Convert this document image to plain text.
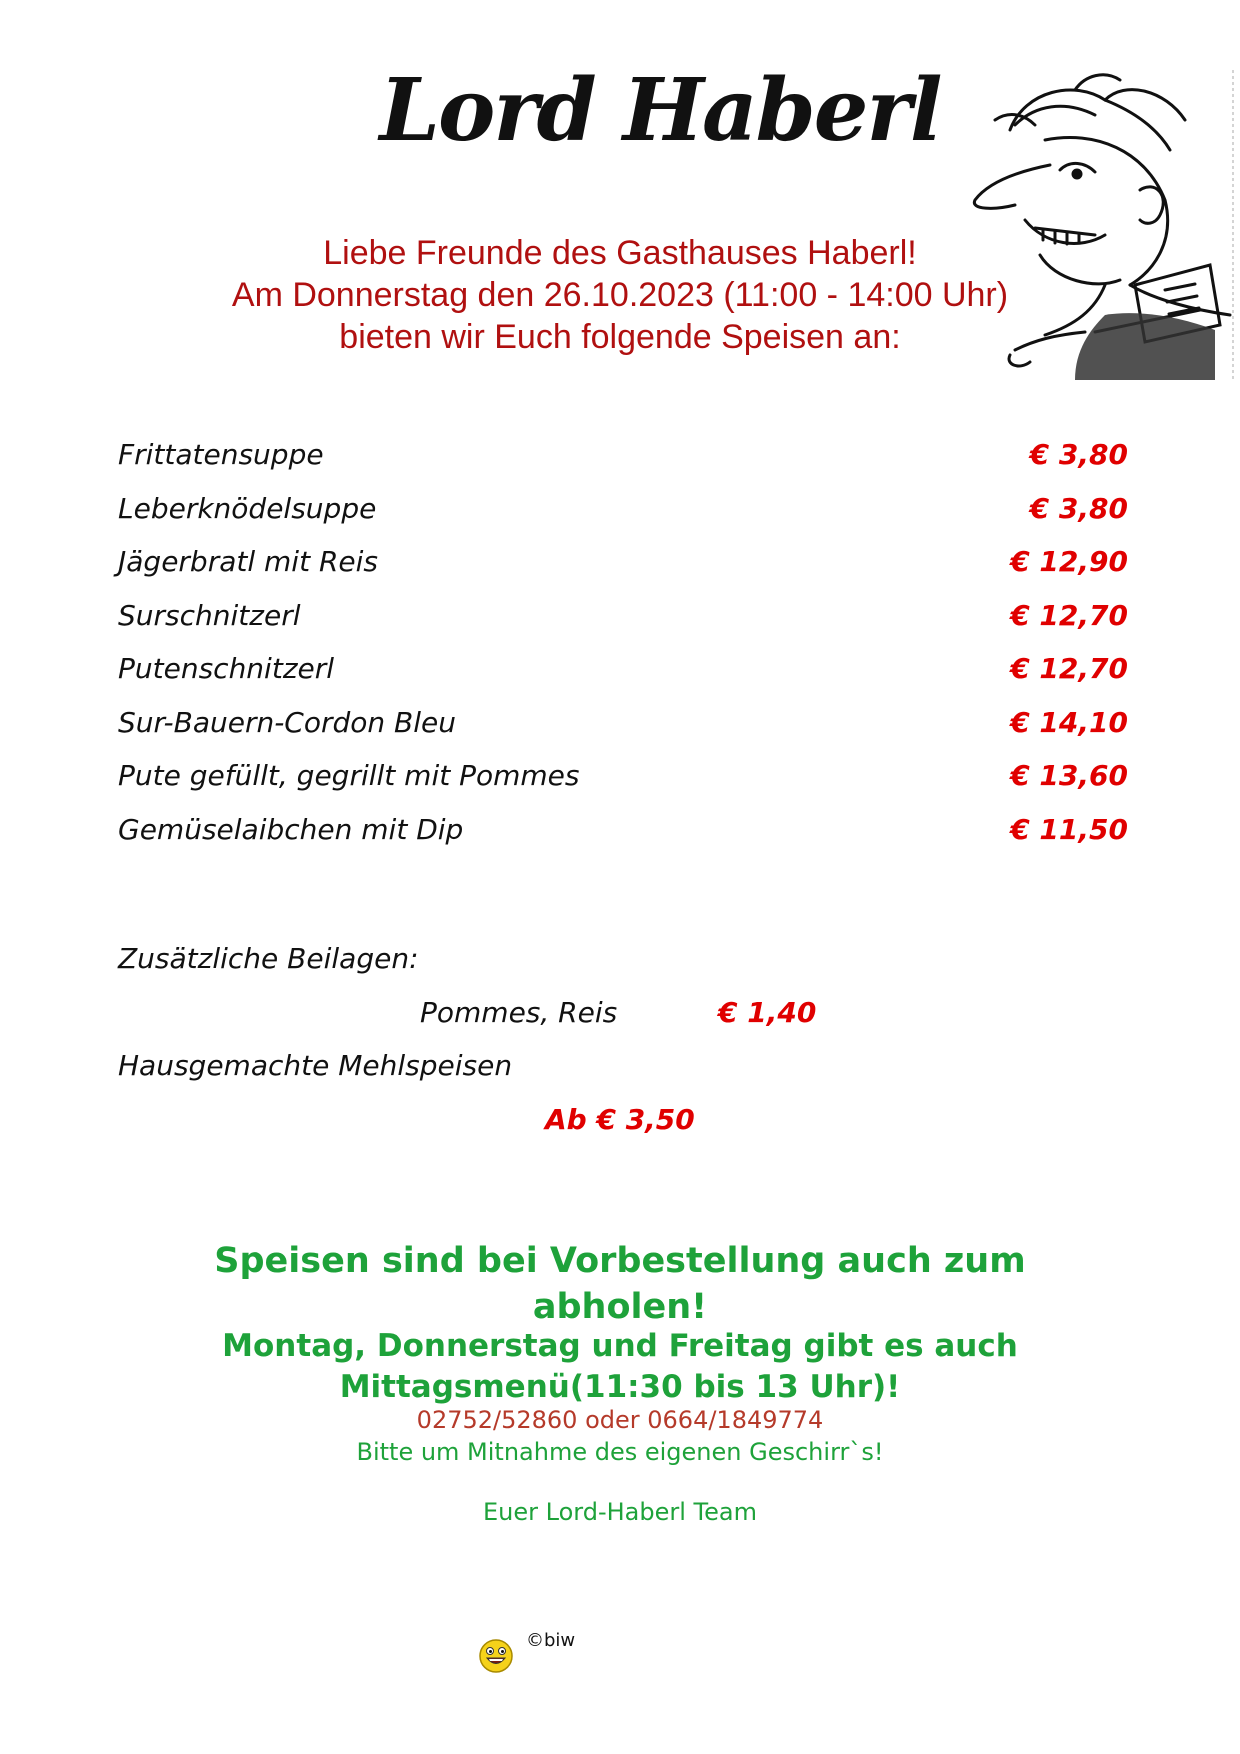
Lord Haberl
Liebe Freunde des Gasthauses Haberl!
Am Donnerstag den 26.10.2023 (11:00 - 14:00 Uhr)
bieten wir Euch folgende Speisen an:
Frittatensuppe	€ 3,80
Leberknödelsuppe	€ 3,80
Jägerbratl mit Reis	€ 12,90
Surschnitzerl	€ 12,70
Putenschnitzerl	€ 12,70
Sur-Bauern-Cordon Bleu	€ 14,10
Pute gefüllt, gegrillt mit Pommes	€ 13,60
Gemüselaibchen mit Dip	€ 11,50
Zusätzliche Beilagen:
Pommes, Reis	€ 1,40
Hausgemachte Mehlspeisen
Ab € 3,50
Speisen sind bei Vorbestellung auch zum
abholen!
Montag, Donnerstag und Freitag gibt es auch
Mittagsmenü(11:30 bis 13 Uhr)!
02752/52860 oder 0664/1849774
Bitte um Mitnahme des eigenen Geschirr`s!
Euer Lord-Haberl Team
©biw
